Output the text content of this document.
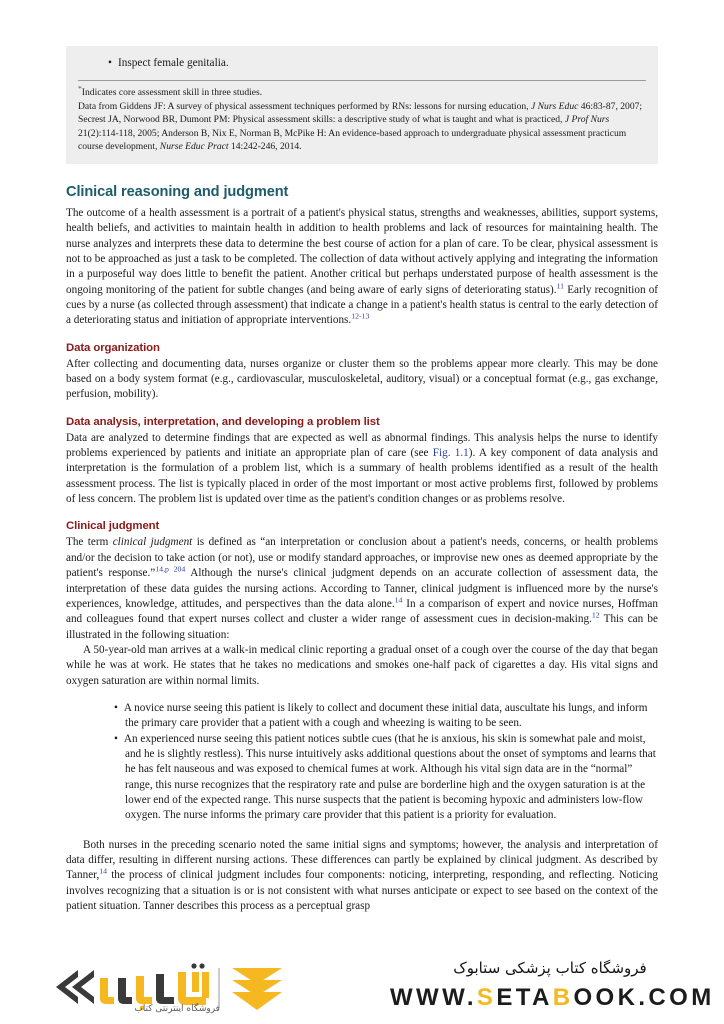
• Inspect female genitalia.

*Indicates core assessment skill in three studies.

Data from Giddens JF: A survey of physical assessment techniques performed by RNs: lessons for nursing education, J Nurs Educ 46:83-87, 2007; Secrest JA, Norwood BR, Dumont PM: Physical assessment skills: a descriptive study of what is taught and what is practiced, J Prof Nurs 21(2):114-118, 2005; Anderson B, Nix E, Norman B, McPike H: An evidence-based approach to undergraduate physical assessment practicum course development, Nurse Educ Pract 14:242-246, 2014.

Clinical reasoning and judgment

The outcome of a health assessment is a portrait of a patient's physical status, strengths and weaknesses, abilities, support systems, health beliefs, and activities to maintain health in addition to health problems and lack of resources for maintaining health. The nurse analyzes and interprets these data to determine the best course of action for a plan of care. To be clear, physical assessment is not to be approached as just a task to be completed. The collection of data without actively applying and integrating the information in a purposeful way does little to benefit the patient. Another critical but perhaps understated purpose of health assessment is the ongoing monitoring of the patient for subtle changes (and being aware of early signs of deteriorating status).$^{11}$ Early recognition of cues by a nurse (as collected through assessment) that indicate a change in a patient's health status is central to the early detection of a deteriorating status and initiation of appropriate interventions.$^{12-13}$

Data organization

After collecting and documenting data, nurses organize or cluster them so the problems appear more clearly. This may be done based on a body system format (e.g., cardiovascular, musculoskeletal, auditory, visual) or a conceptual format (e.g., gas exchange, perfusion, mobility).

Data analysis, interpretation, and developing a problem list

Data are analyzed to determine findings that are expected as well as abnormal findings. This analysis helps the nurse to identify problems experienced by patients and initiate an appropriate plan of care (see Fig. 1.1). A key component of data analysis and interpretation is the formulation of a problem list, which is a summary of health problems identified as a result of the health assessment process. The list is typically placed in order of the most important or most active problems first, followed by problems of less concern. The problem list is updated over time as the patient's condition changes or as problems resolve.

Clinical judgment

The term clinical judgment is defined as “an interpretation or conclusion about a patient's needs, concerns, or health problems and/or the decision to take action (or not), use or modify standard approaches, or improvise new ones as deemed appropriate by the patient's response.”$^{14,p 204}$ Although the nurse's clinical judgment depends on an accurate collection of assessment data, the interpretation of these data guides the nursing actions. According to Tanner, clinical judgment is influenced more by the nurse's experiences, knowledge, attitudes, and perspectives than the data alone.$^{14}$ In a comparison of expert and novice nurses, Hoffman and colleagues found that expert nurses collect and cluster a wider range of assessment cues in decision-making.$^{12}$ This can be illustrated in the following situation:

A 50-year-old man arrives at a walk-in medical clinic reporting a gradual onset of a cough over the course of the day that began while he was at work. He states that he takes no medications and smokes one-half pack of cigarettes a day. His vital signs and oxygen saturation are within normal limits.

• A novice nurse seeing this patient is likely to collect and document these initial data, auscultate his lungs, and inform the primary care provider that a patient with a cough and wheezing is waiting to be seen.
• An experienced nurse seeing this patient notices subtle cues (that he is anxious, his skin is somewhat pale and moist, and he is slightly restless). This nurse intuitively asks additional questions about the onset of symptoms and learns that he has felt nauseous and was exposed to chemical fumes at work. Although his vital sign data are in the “normal” range, this nurse recognizes that the respiratory rate and pulse are borderline high and the oxygen saturation is at the lower end of the expected range. This nurse suspects that the patient is becoming hypoxic and administers low-flow oxygen. The nurse informs the primary care provider that this patient is a priority for evaluation.

Both nurses in the preceding scenario noted the same initial signs and symptoms; however, the analysis and interpretation of data differ, resulting in different nursing actions. These differences can partly be explained by clinical judgment. As described by Tanner,$^{14}$ the process of clinical judgment includes four components: noticing, interpreting, responding, and reflecting. Noticing involves recognizing that a situation is or is not consistent with what nurses anticipate or expect to see based on the context of the patient situation. Tanner describes this process as a perceptual grasp

فروشگاه اینترنتی کتاب
فروشگاه کتاب پزشکی ستابوک
WWW.SETABOOK.COM
